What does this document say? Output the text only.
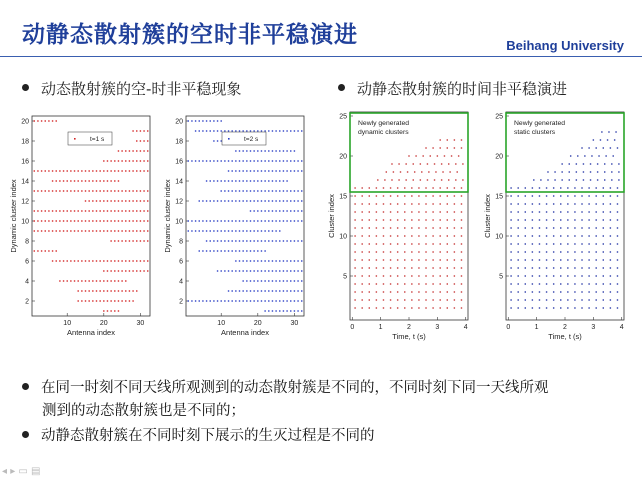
动静态散射簇的空时非平稳演进	Beihang University
动态散射簇的空-时非平稳现象	动静态散射簇的时间非平稳演进
10	20	30
2
4
6
8
10
12
14
16
18
20
Antenna index
Dynamic cluster index
t=1 s
10	20	30
2
4
6
8
10
12
14
16
18
20
Antenna index
Dynamic cluster index
t=2 s
0	1	2	3	4
5
10
15
20
25
Time, t (s)
Cluster index
Newly generated
dynamic clusters
0	1	2	3	4
5
10
15
20
25
Time, t (s)
Cluster index
Newly generated
static clusters
在同一时刻不同天线所观测到的动态散射簇是不同的，不同时刻下同一天线所观
测到的动态散射簇也是不同的；
动静态散射簇在不同时刻下展示的生灭过程是不同的
◂ ▸ ▭ ▤
